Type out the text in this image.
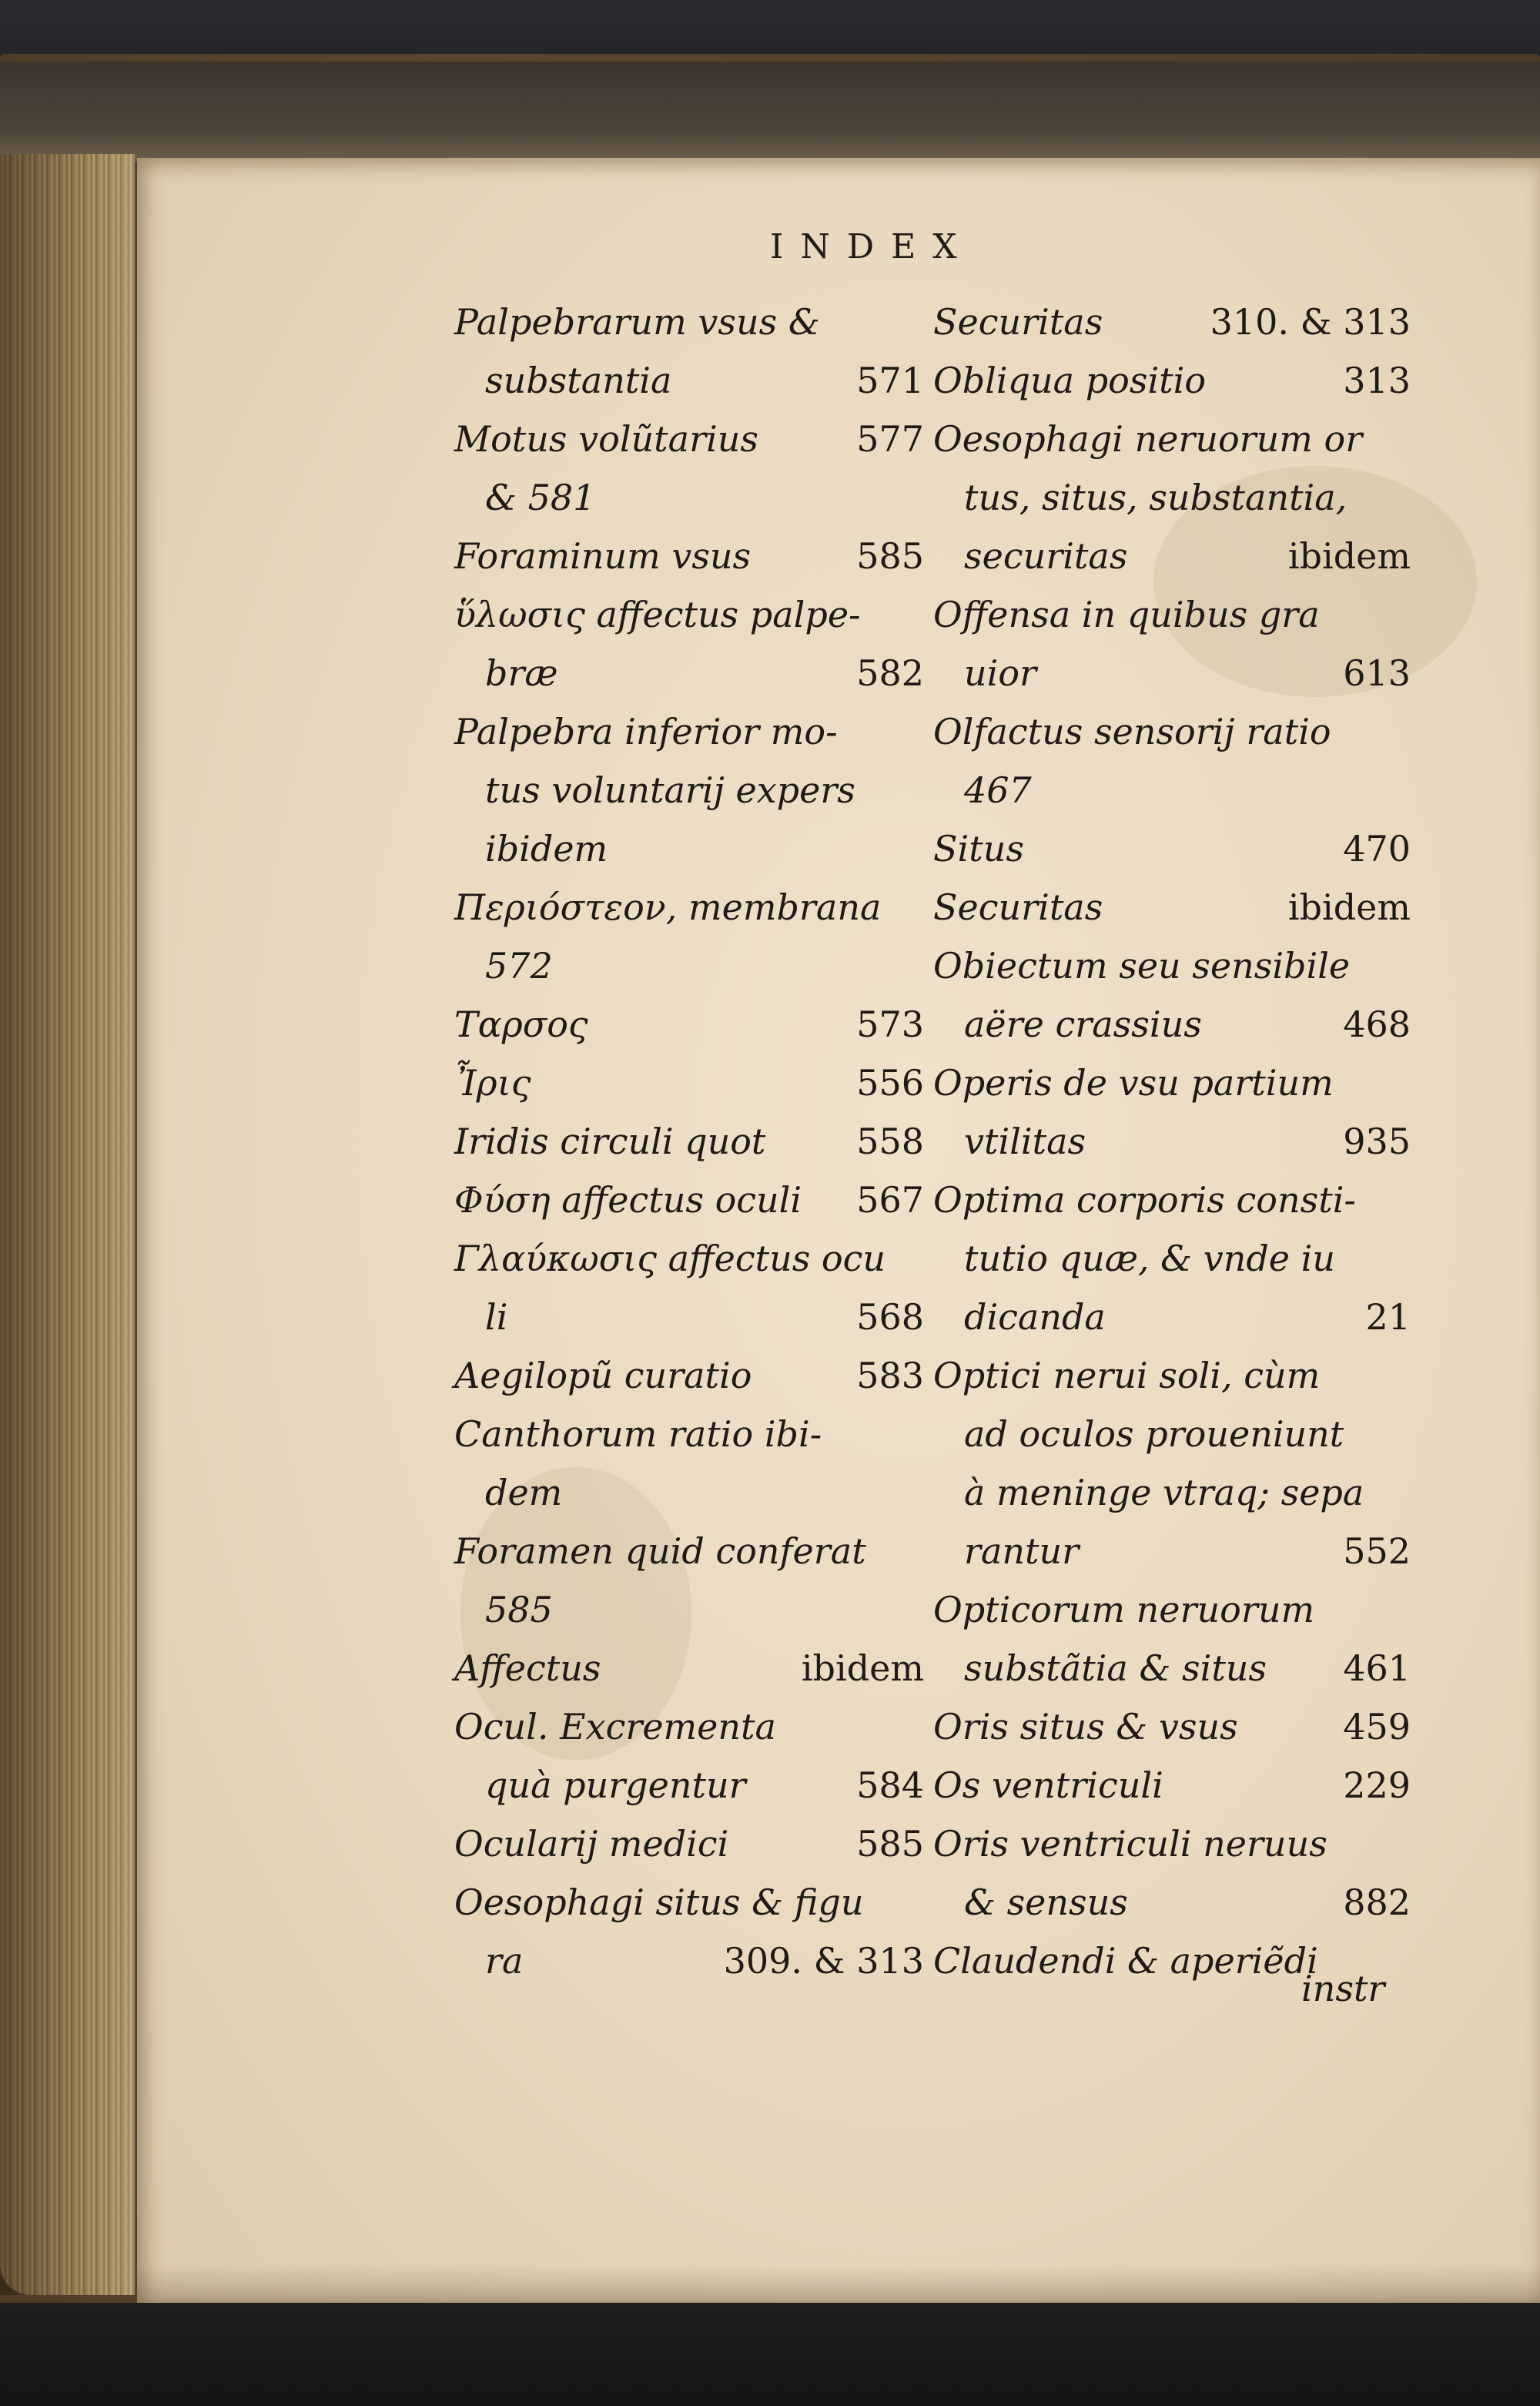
INDEX
Palpebrarum vsus &
substantia	571
Motus volũtarius	577
& 581
Foraminum vsus	585
ὕλωσις affectus palpe-
bræ	582
Palpebra inferior mo-
tus voluntarij expers
ibidem
Περιόστεον, membrana
572
Ταρσος	573
Ἶρις	556
Iridis circuli quot	558
Φύση affectus oculi 567
Γλαύκωσις affectus ocu
li	568
Aegilopũ curatio	583
Canthorum ratio ibi-
dem
Foramen quid conferat
585
Affectus	ibidem
Ocul. Excrementa
quà purgentur	584
Ocularij medici	585
Oesophagi situs & figu
ra	309. & 313
Securitas	310. & 313
Obliqua positio	313
Oesophagi neruorum or
tus, situs, substantia,
securitas	ibidem
Offensa in quibus gra
uior	613
Olfactus sensorij ratio
467
Situs	470
Securitas	ibidem
Obiectum seu sensibile
aëre crassius	468
Operis de vsu partium
vtilitas	935
Optima corporis consti-
tutio quæ, & vnde iu
dicanda	21
Optici nerui soli, cùm
ad oculos proueniunt
à meninge vtraq; sepa
rantur	552
Opticorum neruorum
substãtia & situs 461
Oris situs & vsus	459
Os ventriculi	229
Oris ventriculi neruus
& sensus	882
Claudendi & aperiẽdi
instr
